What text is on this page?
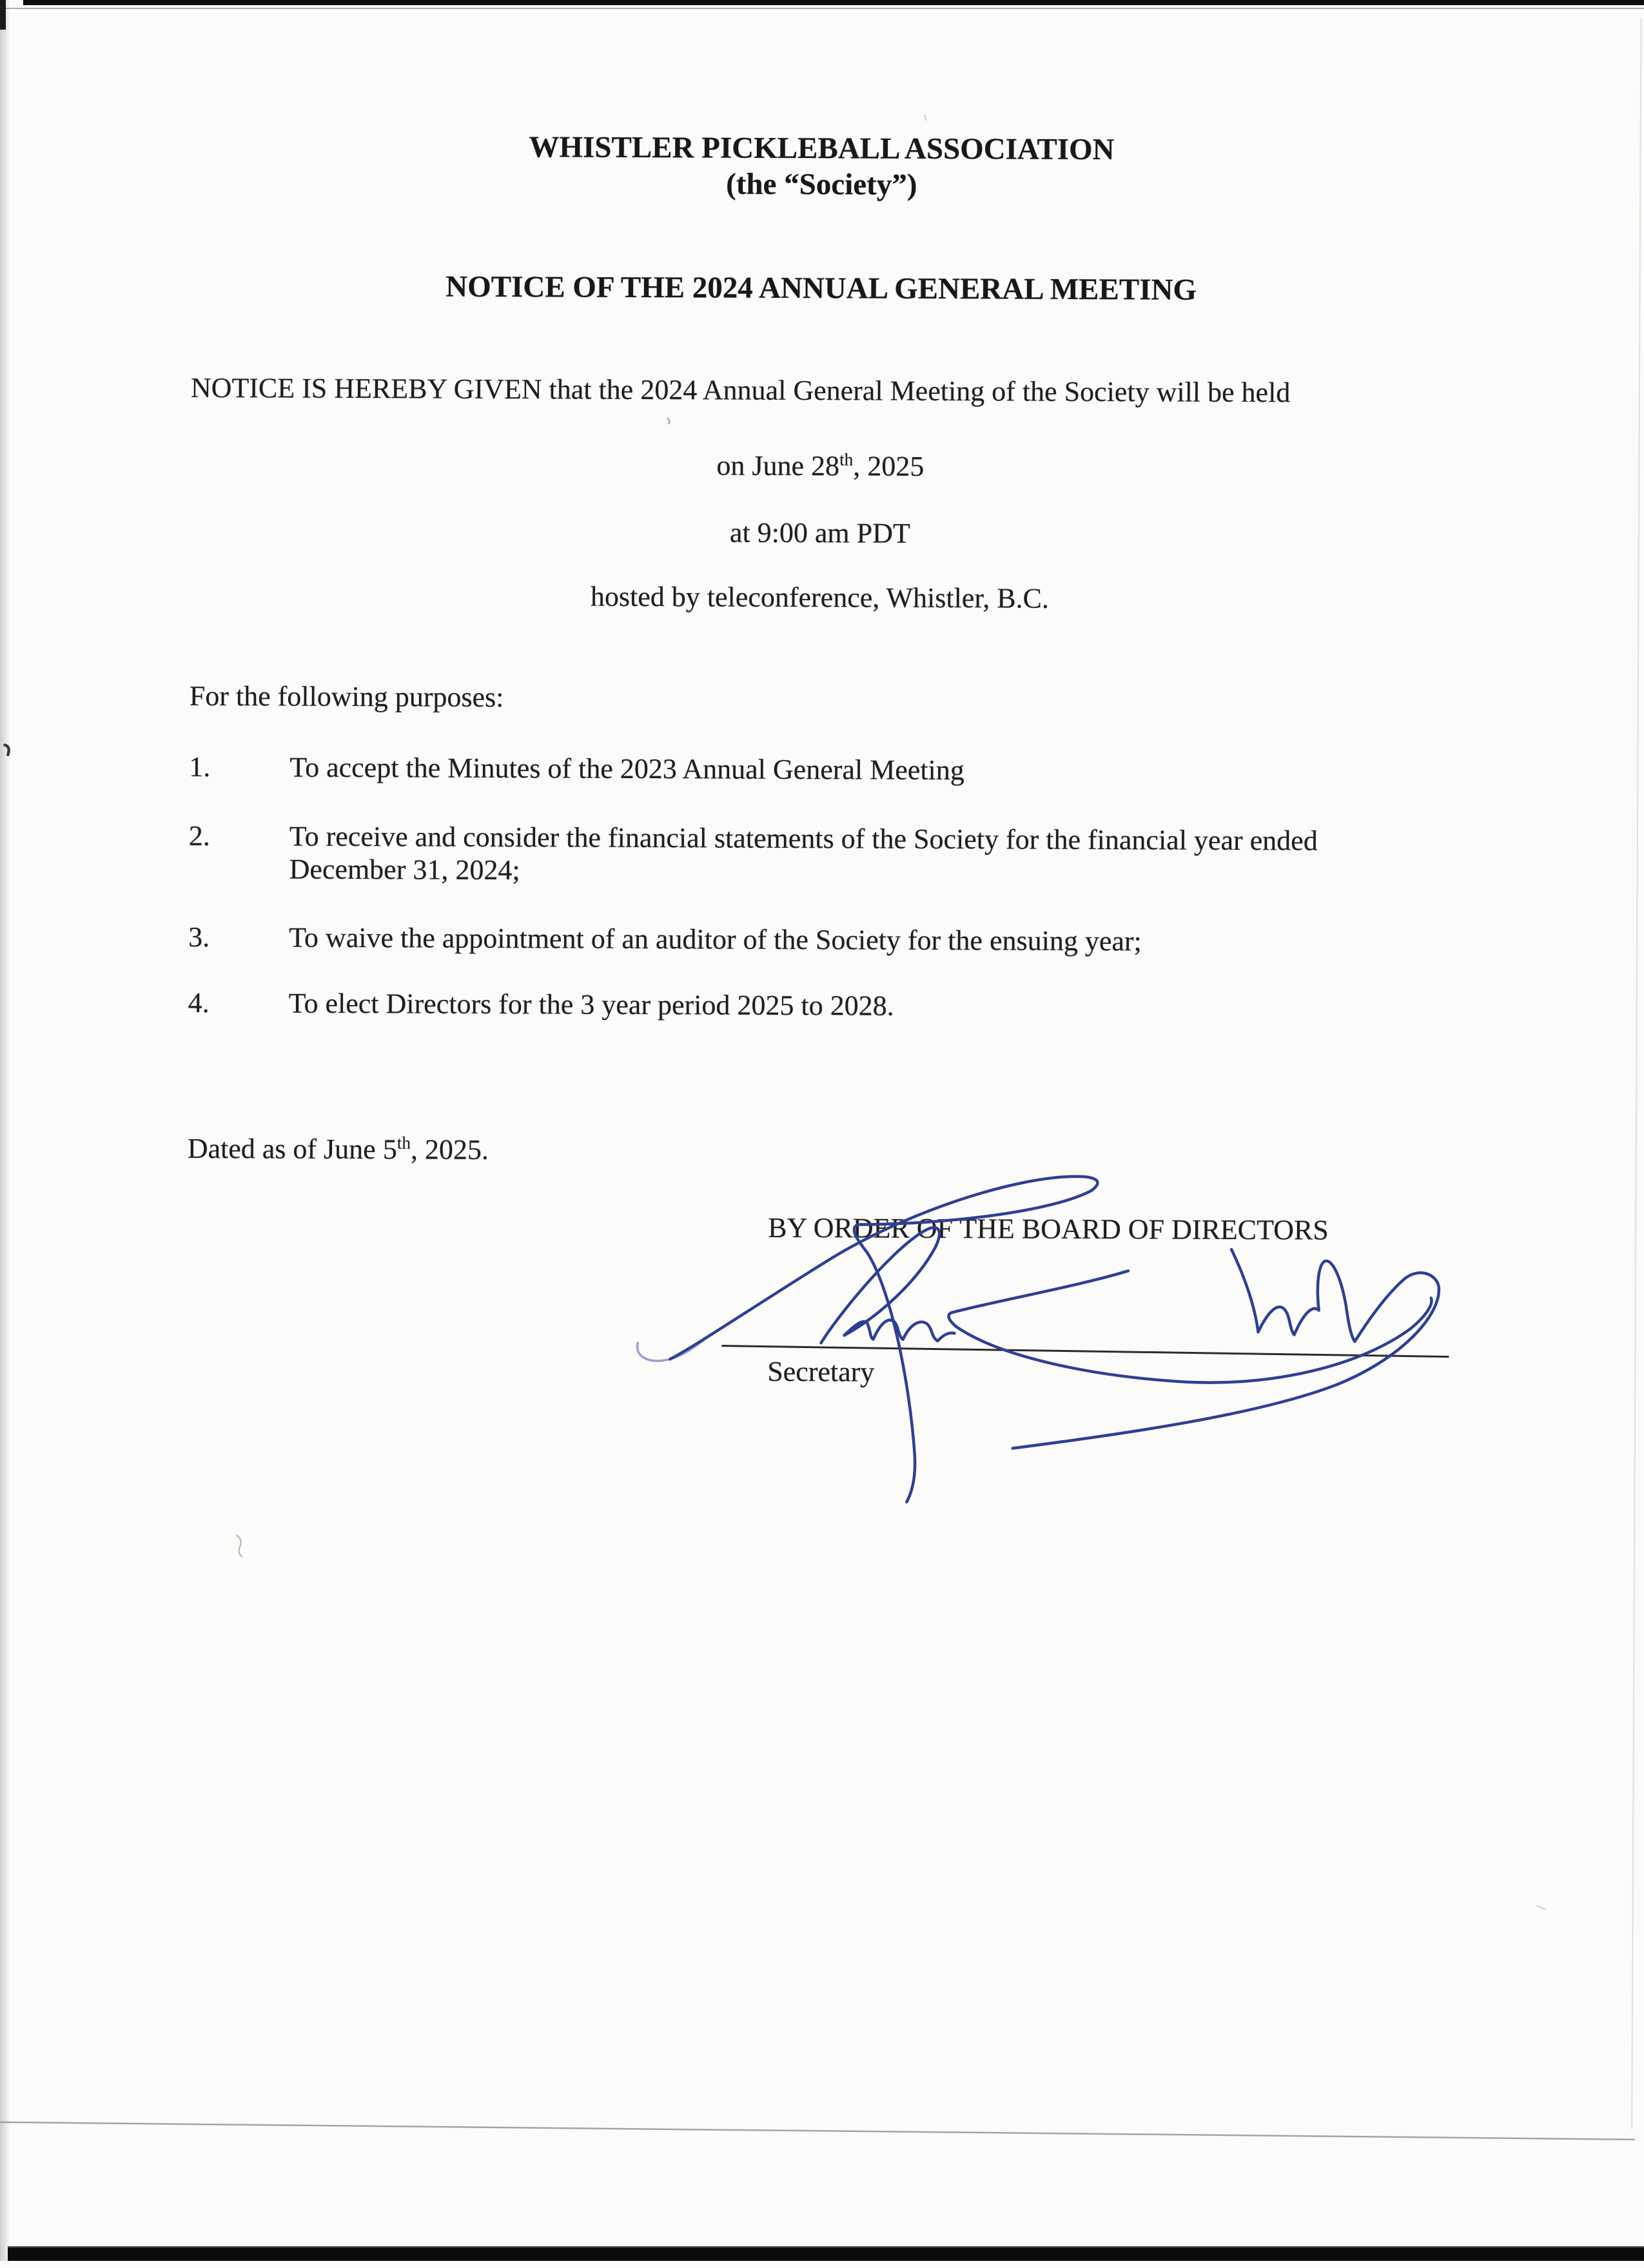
WHISTLER PICKLEBALL ASSOCIATION
(the “Society”)
NOTICE OF THE 2024 ANNUAL GENERAL MEETING
NOTICE IS HEREBY GIVEN that the 2024 Annual General Meeting of the Society will be held
on June 28th, 2025
at 9:00 am PDT
hosted by teleconference, Whistler, B.C.
For the following purposes:
1.	To accept the Minutes of the 2023 Annual General Meeting
2.	To receive and consider the financial statements of the Society for the financial year ended
December 31, 2024;
3.	To waive the appointment of an auditor of the Society for the ensuing year;
4.	To elect Directors for the 3 year period 2025 to 2028.
Dated as of June 5th, 2025.
BY ORDER OF THE BOARD OF DIRECTORS
Secretary
